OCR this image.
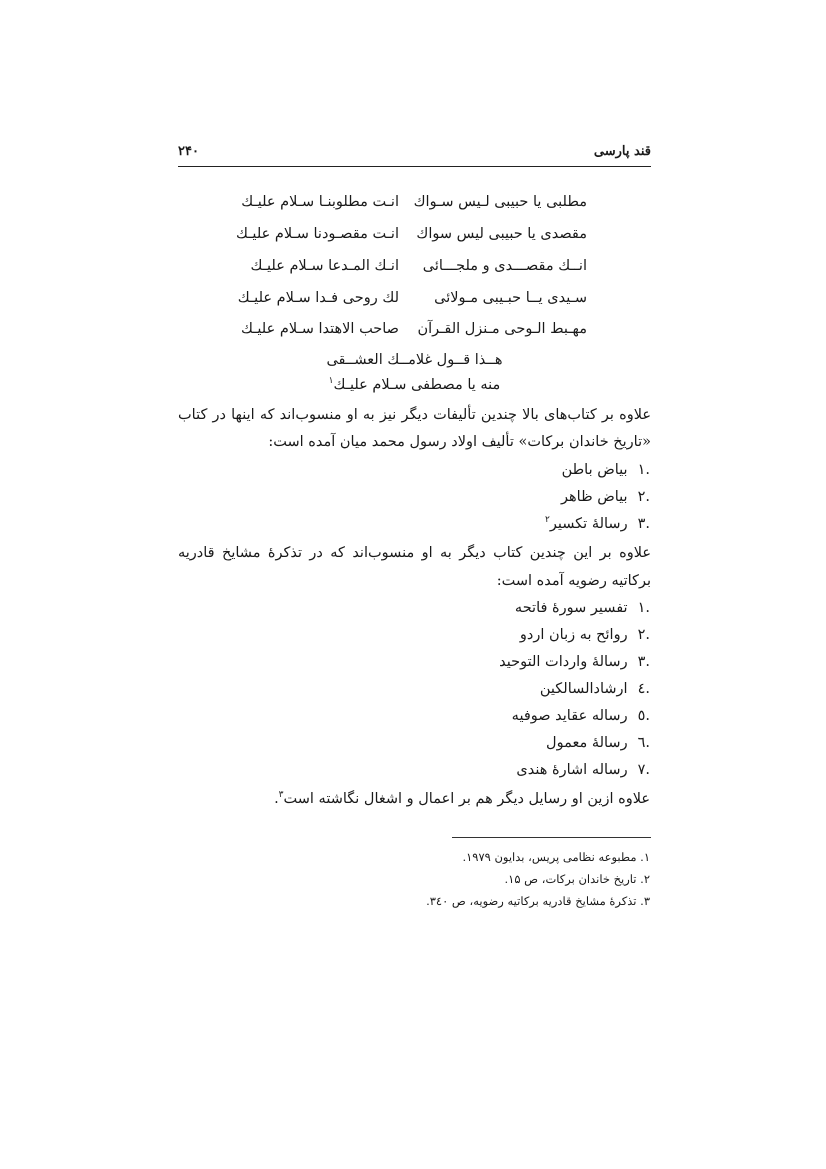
قند پارسی
۲۴۰
مطلبی یا حبیبی لـیس سـواك
انـت مطلوبنـا سـلام علیـك
مقصدی یا حبیبی لیس سواك
انـت مقصـودنا سـلام علیـك
انــك مقصـــدی و ملجـــائی
انـك المـدعا سـلام علیـك
سـیدی یــا حبـیبی مـولائی
لك روحی فـدا سـلام علیـك
مهـبط الـوحی مـنزل القـرآن
صاحب الاهتدا سـلام علیـك
هــذا قــول غلامــك العشــقی
منه یا مصطفی سـلام علیـك$^۱$
علاوه بر کتاب‌های بالا چندین تألیفات دیگر نیز به او منسوب‌اند که اینها در کتاب
«تاریخ خاندان برکات» تألیف اولاد رسول محمد میان آمده است:
.۱بیاض باطن
.۲بیاض ظاهر
.۳رسالهٔ تکسیر$^۲$
علاوه بر این چندین کتاب دیگر به او منسوب‌اند که در تذکرهٔ مشایخ قادریه
برکاتیه رضویه آمده است:
.۱تفسیر سورهٔ فاتحه
.۲روائح به زبان اردو
.۳رسالهٔ واردات التوحید
.٤ارشادالسالکین
.٥رساله عقاید صوفیه
.٦رسالهٔ معمول
.٧رساله اشارهٔ هندی
علاوه ازین او رسایل دیگر هم بر اعمال و اشغال نگاشته است$^۳$.
۱. مطبوعه نظامی پریس، بدایون ۱۹۷۹.
۲. تاریخ خاندان برکات، ص ۱۵.
۳. تذکرهٔ مشایخ قادریه برکاتیه رضویه، ص ۳٤۰.
